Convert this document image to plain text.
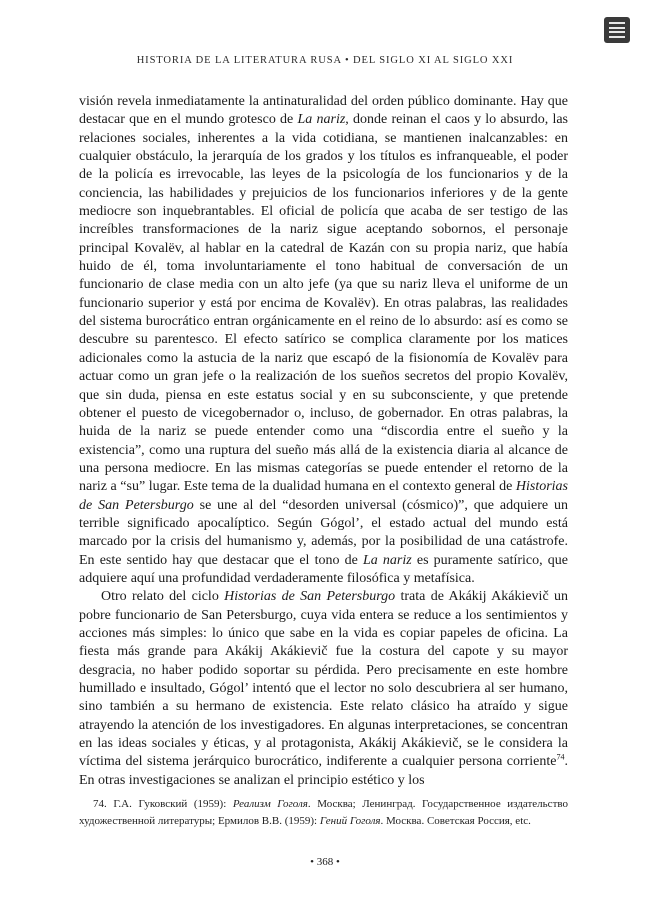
HISTORIA DE LA LITERATURA RUSA • DEL SIGLO XI AL SIGLO XXI

visión revela inmediatamente la antinaturalidad del orden público dominante. Hay que destacar que en el mundo grotesco de La nariz, donde reinan el caos y lo absurdo, las relaciones sociales, inherentes a la vida cotidiana, se mantienen inalcanzables: en cualquier obstáculo, la jerarquía de los grados y los títulos es infranqueable, el poder de la policía es irrevocable, las leyes de la psicología de los funcionarios y de la conciencia, las habilidades y prejuicios de los funcionarios inferiores y de la gente mediocre son inquebrantables. El oficial de policía que acaba de ser testigo de las increíbles transformaciones de la nariz sigue aceptando sobornos, el personaje principal Kovalëv, al hablar en la catedral de Kazán con su propia nariz, que había huido de él, toma involuntariamente el tono habitual de conversación de un funcionario de clase media con un alto jefe (ya que su nariz lleva el uniforme de un funcionario superior y está por encima de Kovalëv). En otras palabras, las realidades del sistema burocrático entran orgánicamente en el reino de lo absurdo: así es como se descubre su parentesco. El efecto satírico se complica claramente por los matices adicionales como la astucia de la nariz que escapó de la fisionomía de Kovalëv para actuar como un gran jefe o la realización de los sueños secretos del propio Kovalëv, que sin duda, piensa en este estatus social y en su subconsciente, y que pretende obtener el puesto de vicegobernador o, incluso, de gobernador. En otras palabras, la huida de la nariz se puede entender como una “discordia entre el sueño y la existencia”, como una ruptura del sueño más allá de la existencia diaria al alcance de una persona mediocre. En las mismas categorías se puede entender el retorno de la nariz a “su” lugar. Este tema de la dualidad humana en el contexto general de Historias de San Petersburgo se une al del “desorden universal (cósmico)”, que adquiere un terrible significado apocalíptico. Según Gógol’, el estado actual del mundo está marcado por la crisis del humanismo y, además, por la posibilidad de una catástrofe. En este sentido hay que destacar que el tono de La nariz es puramente satírico, que adquiere aquí una profundidad verdaderamente filosófica y metafísica.

Otro relato del ciclo Historias de San Petersburgo trata de Akákij Akákievič un pobre funcionario de San Petersburgo, cuya vida entera se reduce a los sentimientos y acciones más simples: lo único que sabe en la vida es copiar papeles de oficina. La fiesta más grande para Akákij Akákievič fue la costura del capote y su mayor desgracia, no haber podido soportar su pérdida. Pero precisamente en este hombre humillado e insultado, Gógol’ intentó que el lector no solo descubriera al ser humano, sino también a su hermano de existencia. Este relato clásico ha atraído y sigue atrayendo la atención de los investigadores. En algunas interpretaciones, se concentran en las ideas sociales y éticas, y al protagonista, Akákij Akákievič, se le considera la víctima del sistema jerárquico burocrático, indiferente a cualquier persona corriente$^{74}$. En otras investigaciones se analizan el principio estético y los

74. Г.А. Гуковский (1959): Реализм Гоголя. Москва; Ленинград. Государственное издательство художественной литературы; Ермилов В.В. (1959): Гений Гоголя. Москва. Советская Россия, etc.

• 368 •
